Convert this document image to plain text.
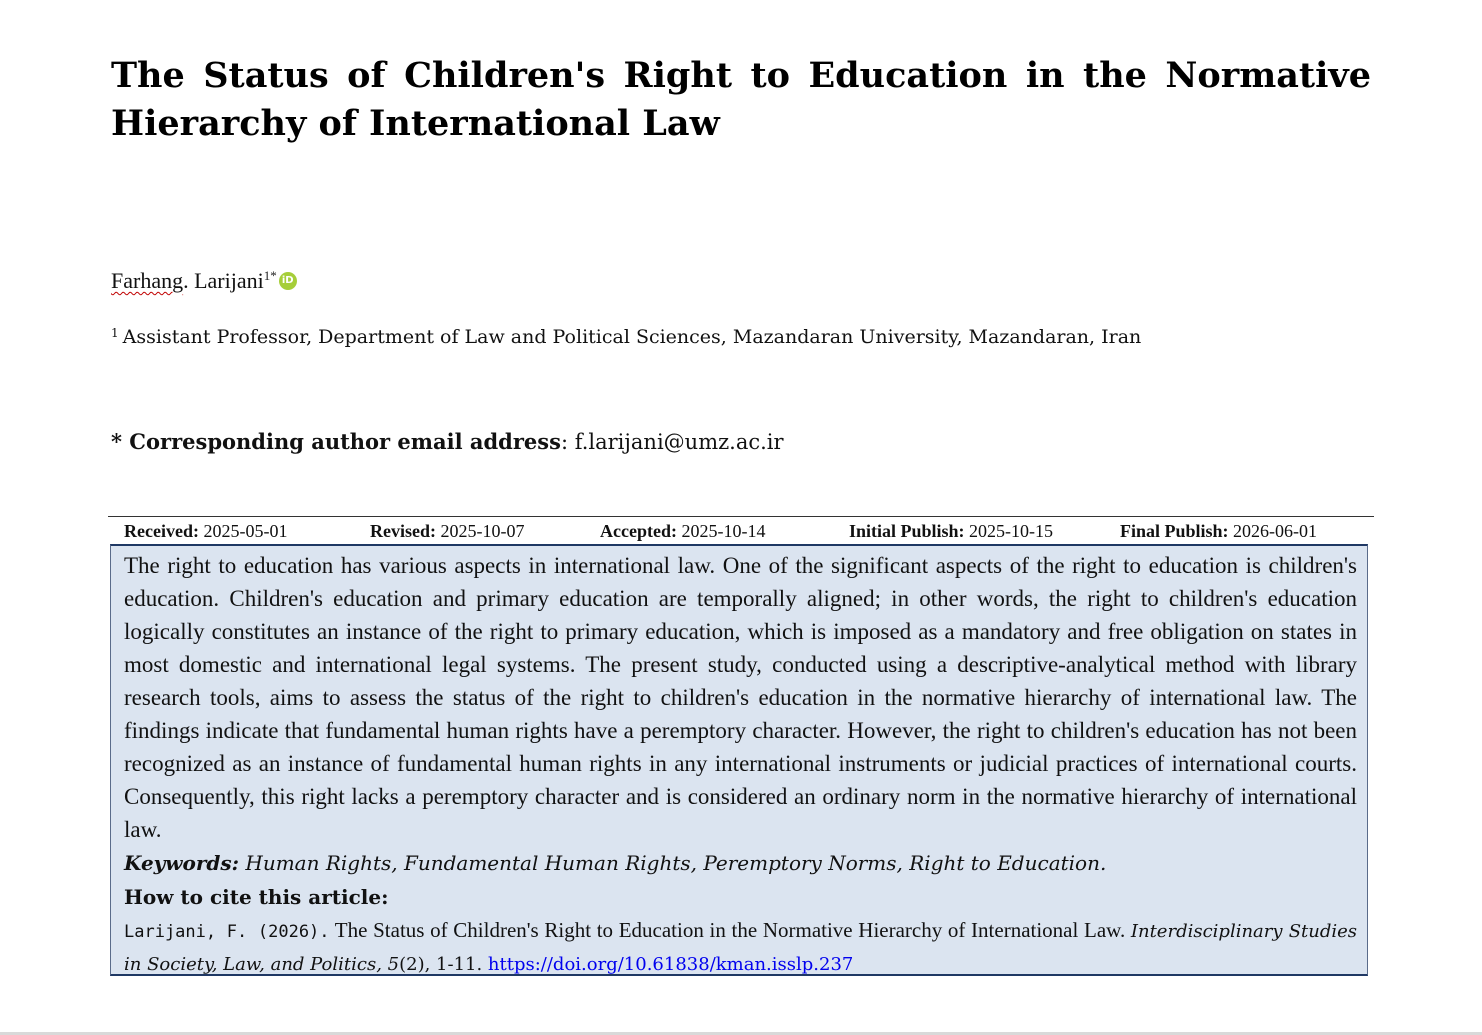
The Status of Children's Right to Education in the Normative Hierarchy of International Law
Farhang. Larijani$^{1*}$ iD
$^1$ Assistant Professor, Department of Law and Political Sciences, Mazandaran University, Mazandaran, Iran
* Corresponding author email address: f.larijani@umz.ac.ir
Received: 2025-05-01	Revised: 2025-10-07	Accepted: 2025-10-14	Initial Publish: 2025-10-15	Final Publish: 2026-06-01

The right to education has various aspects in international law. One of the significant aspects of the right to education is children's education. Children's education and primary education are temporally aligned; in other words, the right to children's education logically constitutes an instance of the right to primary education, which is imposed as a mandatory and free obligation on states in most domestic and international legal systems. The present study, conducted using a descriptive-analytical method with library research tools, aims to assess the status of the right to children's education in the normative hierarchy of international law. The findings indicate that fundamental human rights have a peremptory character. However, the right to children's education has not been recognized as an instance of fundamental human rights in any international instruments or judicial practices of international courts. Consequently, this right lacks a peremptory character and is considered an ordinary norm in the normative hierarchy of international law.

Keywords: Human Rights, Fundamental Human Rights, Peremptory Norms, Right to Education.
How to cite this article:

Larijani, F. (2026). The Status of Children's Right to Education in the Normative Hierarchy of International Law. Interdisciplinary Studies in Society, Law, and Politics, 5(2), 1-11. https://doi.org/10.61838/kman.isslp.237
